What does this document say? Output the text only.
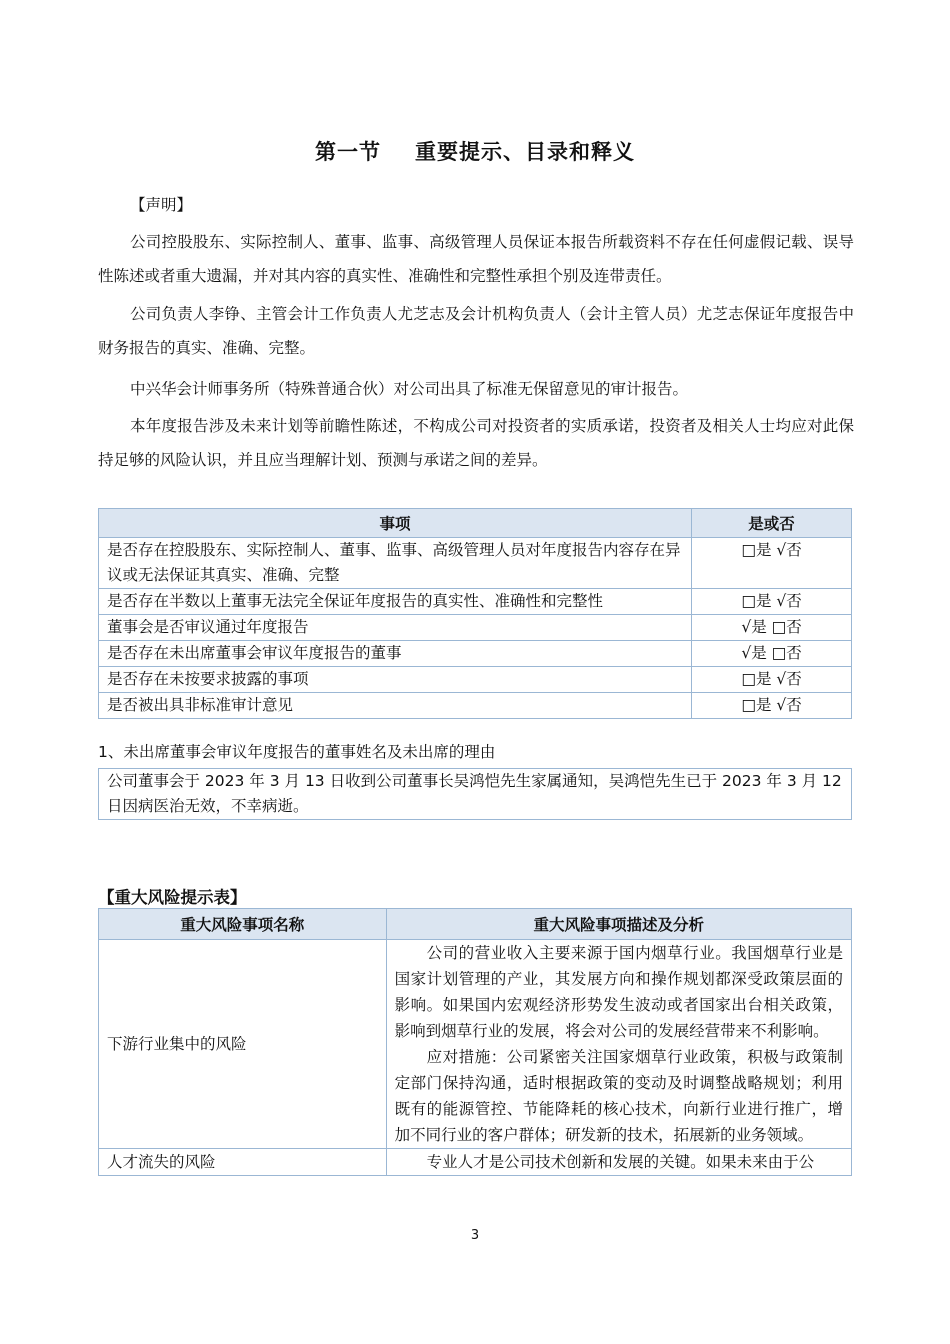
第一节 重要提示、目录和释义

【声明】

公司控股股东、实际控制人、董事、监事、高级管理人员保证本报告所载资料不存在任何虚假记载、误导性陈述或者重大遗漏，并对其内容的真实性、准确性和完整性承担个别及连带责任。

公司负责人李铮、主管会计工作负责人尤芝志及会计机构负责人（会计主管人员）尤芝志保证年度报告中财务报告的真实、准确、完整。

中兴华会计师事务所（特殊普通合伙）对公司出具了标准无保留意见的审计报告。

本年度报告涉及未来计划等前瞻性陈述，不构成公司对投资者的实质承诺，投资者及相关人士均应对此保持足够的风险认识，并且应当理解计划、预测与承诺之间的差异。

事项	是或否
是否存在控股股东、实际控制人、董事、监事、高级管理人员对年度报告内容存在异议或无法保证其真实、准确、完整	□是 √否
是否存在半数以上董事无法完全保证年度报告的真实性、准确性和完整性	□是 √否
董事会是否审议通过年度报告	√是 □否
是否存在未出席董事会审议年度报告的董事	√是 □否
是否存在未按要求披露的事项	□是 √否
是否被出具非标准审计意见	□是 √否

1、未出席董事会审议年度报告的董事姓名及未出席的理由

公司董事会于 2023 年 3 月 13 日收到公司董事长吴鸿恺先生家属通知，吴鸿恺先生已于 2023 年 3 月 12 日因病医治无效，不幸病逝。
【重大风险提示表】
重大风险事项名称	重大风险事项描述及分析
下游行业集中的风险	公司的营业收入主要来源于国内烟草行业。我国烟草行业是国家计划管理的产业，其发展方向和操作规划都深受政策层面的影响。如果国内宏观经济形势发生波动或者国家出台相关政策，影响到烟草行业的发展，将会对公司的发展经营带来不利影响。

应对措施：公司紧密关注国家烟草行业政策，积极与政策制定部门保持沟通，适时根据政策的变动及时调整战略规划；利用既有的能源管控、节能降耗的核心技术，向新行业进行推广，增加不同行业的客户群体；研发新的技术，拓展新的业务领域。

人才流失的风险	专业人才是公司技术创新和发展的关键。如果未来由于公

3
